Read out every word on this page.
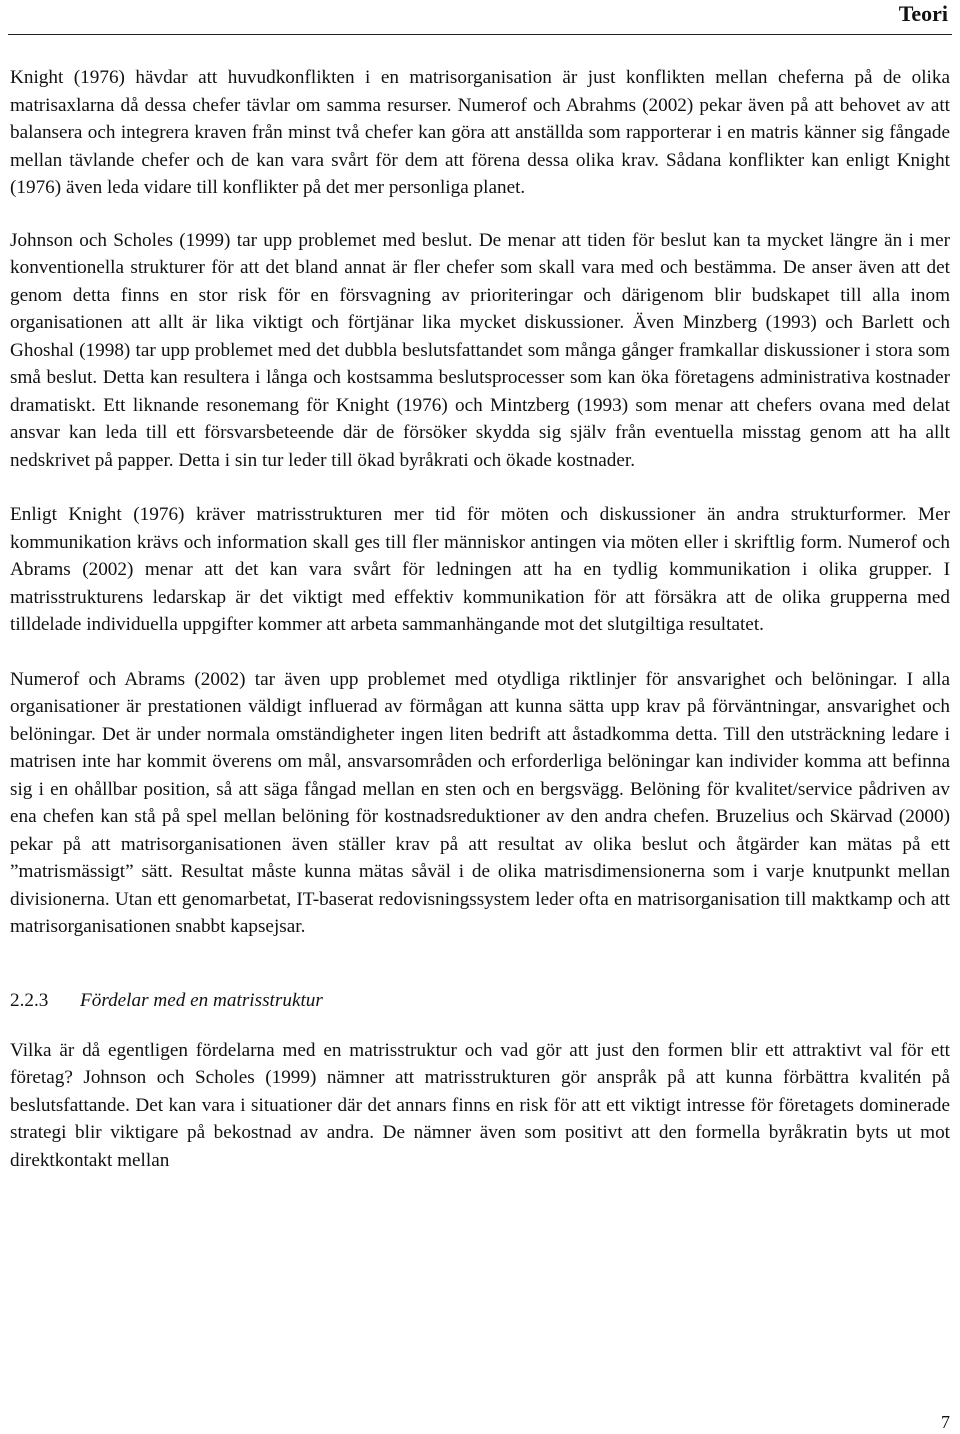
Teori

Knight (1976) hävdar att huvudkonflikten i en matrisorganisation är just konflikten mellan cheferna på de olika matrisaxlarna då dessa chefer tävlar om samma resurser. Numerof och Abrahms (2002) pekar även på att behovet av att balansera och integrera kraven från minst två chefer kan göra att anställda som rapporterar i en matris känner sig fångade mellan tävlande chefer och de kan vara svårt för dem att förena dessa olika krav. Sådana konflikter kan enligt Knight (1976) även leda vidare till konflikter på det mer personliga planet.

Johnson och Scholes (1999) tar upp problemet med beslut. De menar att tiden för beslut kan ta mycket längre än i mer konventionella strukturer för att det bland annat är fler chefer som skall vara med och bestämma. De anser även att det genom detta finns en stor risk för en försvagning av prioriteringar och därigenom blir budskapet till alla inom organisationen att allt är lika viktigt och förtjänar lika mycket diskussioner. Även Minzberg (1993) och Barlett och Ghoshal (1998) tar upp problemet med det dubbla beslutsfattandet som många gånger framkallar diskussioner i stora som små beslut. Detta kan resultera i långa och kostsamma beslutsprocesser som kan öka företagens administrativa kostnader dramatiskt. Ett liknande resonemang för Knight (1976) och Mintzberg (1993) som menar att chefers ovana med delat ansvar kan leda till ett försvarsbeteende där de försöker skydda sig själv från eventuella misstag genom att ha allt nedskrivet på papper. Detta i sin tur leder till ökad byråkrati och ökade kostnader.

Enligt Knight (1976) kräver matrisstrukturen mer tid för möten och diskussioner än andra strukturformer. Mer kommunikation krävs och information skall ges till fler människor antingen via möten eller i skriftlig form. Numerof och Abrams (2002) menar att det kan vara svårt för ledningen att ha en tydlig kommunikation i olika grupper. I matrisstrukturens ledarskap är det viktigt med effektiv kommunikation för att försäkra att de olika grupperna med tilldelade individuella uppgifter kommer att arbeta sammanhängande mot det slutgiltiga resultatet.

Numerof och Abrams (2002) tar även upp problemet med otydliga riktlinjer för ansvarighet och belöningar. I alla organisationer är prestationen väldigt influerad av förmågan att kunna sätta upp krav på förväntningar, ansvarighet och belöningar. Det är under normala omständigheter ingen liten bedrift att åstadkomma detta. Till den utsträckning ledare i matrisen inte har kommit överens om mål, ansvarsområden och erforderliga belöningar kan individer komma att befinna sig i en ohållbar position, så att säga fångad mellan en sten och en bergsvägg. Belöning för kvalitet/service pådriven av ena chefen kan stå på spel mellan belöning för kostnadsreduktioner av den andra chefen. Bruzelius och Skärvad (2000) pekar på att matrisorganisationen även ställer krav på att resultat av olika beslut och åtgärder kan mätas på ett ”matrismässigt” sätt. Resultat måste kunna mätas såväl i de olika matrisdimensionerna som i varje knutpunkt mellan divisionerna. Utan ett genomarbetat, IT-baserat redovisningssystem leder ofta en matrisorganisation till maktkamp och att matrisorganisationen snabbt kapsejsar.

2.2.3 Fördelar med en matrisstruktur

Vilka är då egentligen fördelarna med en matrisstruktur och vad gör att just den formen blir ett attraktivt val för ett företag? Johnson och Scholes (1999) nämner att matrisstrukturen gör anspråk på att kunna förbättra kvalitén på beslutsfattande. Det kan vara i situationer där det annars finns en risk för att ett viktigt intresse för företagets dominerade strategi blir viktigare på bekostnad av andra. De nämner även som positivt att den formella byråkratin byts ut mot direktkontakt mellan

7
